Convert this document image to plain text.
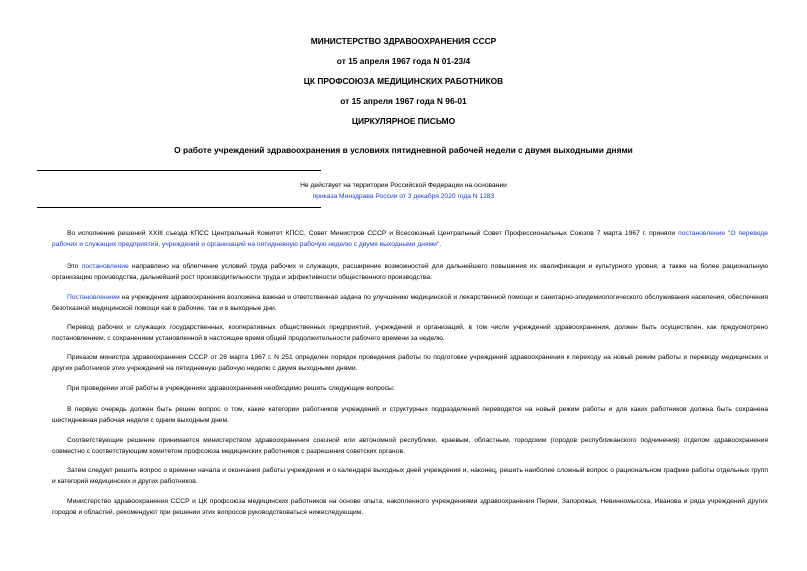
МИНИСТЕРСТВО ЗДРАВООХРАНЕНИЯ СССР
от 15 апреля 1967 года N 01-23/4
ЦК ПРОФСОЮЗА МЕДИЦИНСКИХ РАБОТНИКОВ
от 15 апреля 1967 года N 96-01
ЦИРКУЛЯРНОЕ ПИСЬМО
О работе учреждений здравоохранения в условиях пятидневной рабочей недели с двумя выходными днями
Не действует на территории Российской Федерации на основании
приказа Минздрава России от 3 декабря 2020 года N 1283
Во исполнение решений XXIII съезда КПСС Центральный Комитет КПСС, Совет Министров СССР и Всесоюзный Центральный Совет Профессиональных Союзов 7 марта 1967 г. приняли постановление "О переводе рабочих и служащих предприятий, учреждений и организаций на пятидневную рабочую неделю с двумя выходными днями".
Это постановление направлено на облегчение условий труда рабочих и служащих, расширение возможностей для дальнейшего повышения их квалификации и культурного уровня, а также на более рациональную организацию производства, дальнейший рост производительности труда и эффективности общественного производства.
Постановлением на учреждения здравоохранения возложена важная и ответственная задача по улучшению медицинской и лекарственной помощи и санитарно-эпидемиологического обслуживания населения, обеспечения безотказной медицинской помощи как в рабочие, так и в выходные дни.
Перевод рабочих и служащих государственных, кооперативных общественных предприятий, учреждений и организаций, в том числе учреждений здравоохранения, должен быть осуществлен, как предусмотрено постановлением, с сохранением установленной в настоящее время общей продолжительности рабочего времени за неделю.
Приказом министра здравоохранения СССР от 28 марта 1967 г. N 251 определен порядок проведения работы по подготовке учреждений здравоохранения к переходу на новый режим работы и переводу медицинских и других работников этих учреждений на пятидневную рабочую неделю с двумя выходными днями.
При проведении этой работы в учреждениях здравоохранения необходимо решить следующие вопросы:
В первую очередь должен быть решен вопрос о том, какие категории работников учреждений и структурных подразделений переводятся на новый режим работы и для каких работников должна быть сохранена шестидневная рабочая неделя с одним выходным днем.
Соответствующие решение принимается министерством здравоохранения союзной или автономной республики, краевым, областным, городским (городов республиканского подчинения) отделом здравоохранения совместно с соответствующим комитетом профсоюза медицинских работников с разрешения советских органов.
Затем следует решить вопрос о времени начала и окончания работы учреждения и о календаре выходных дней учреждения и, наконец, решить наиболее сложный вопрос о рациональном графике работы отдельных групп и категорий медицинских и других работников.
Министерство здравоохранения СССР и ЦК профсоюза медицинских работников на основе опыта, накопленного учреждениями здравоохранения Перми, Запорожья, Невинномысска, Иванова и ряда учреждений других городов и областей, рекомендуют при решении этих вопросов руководствоваться нижеследующим.
